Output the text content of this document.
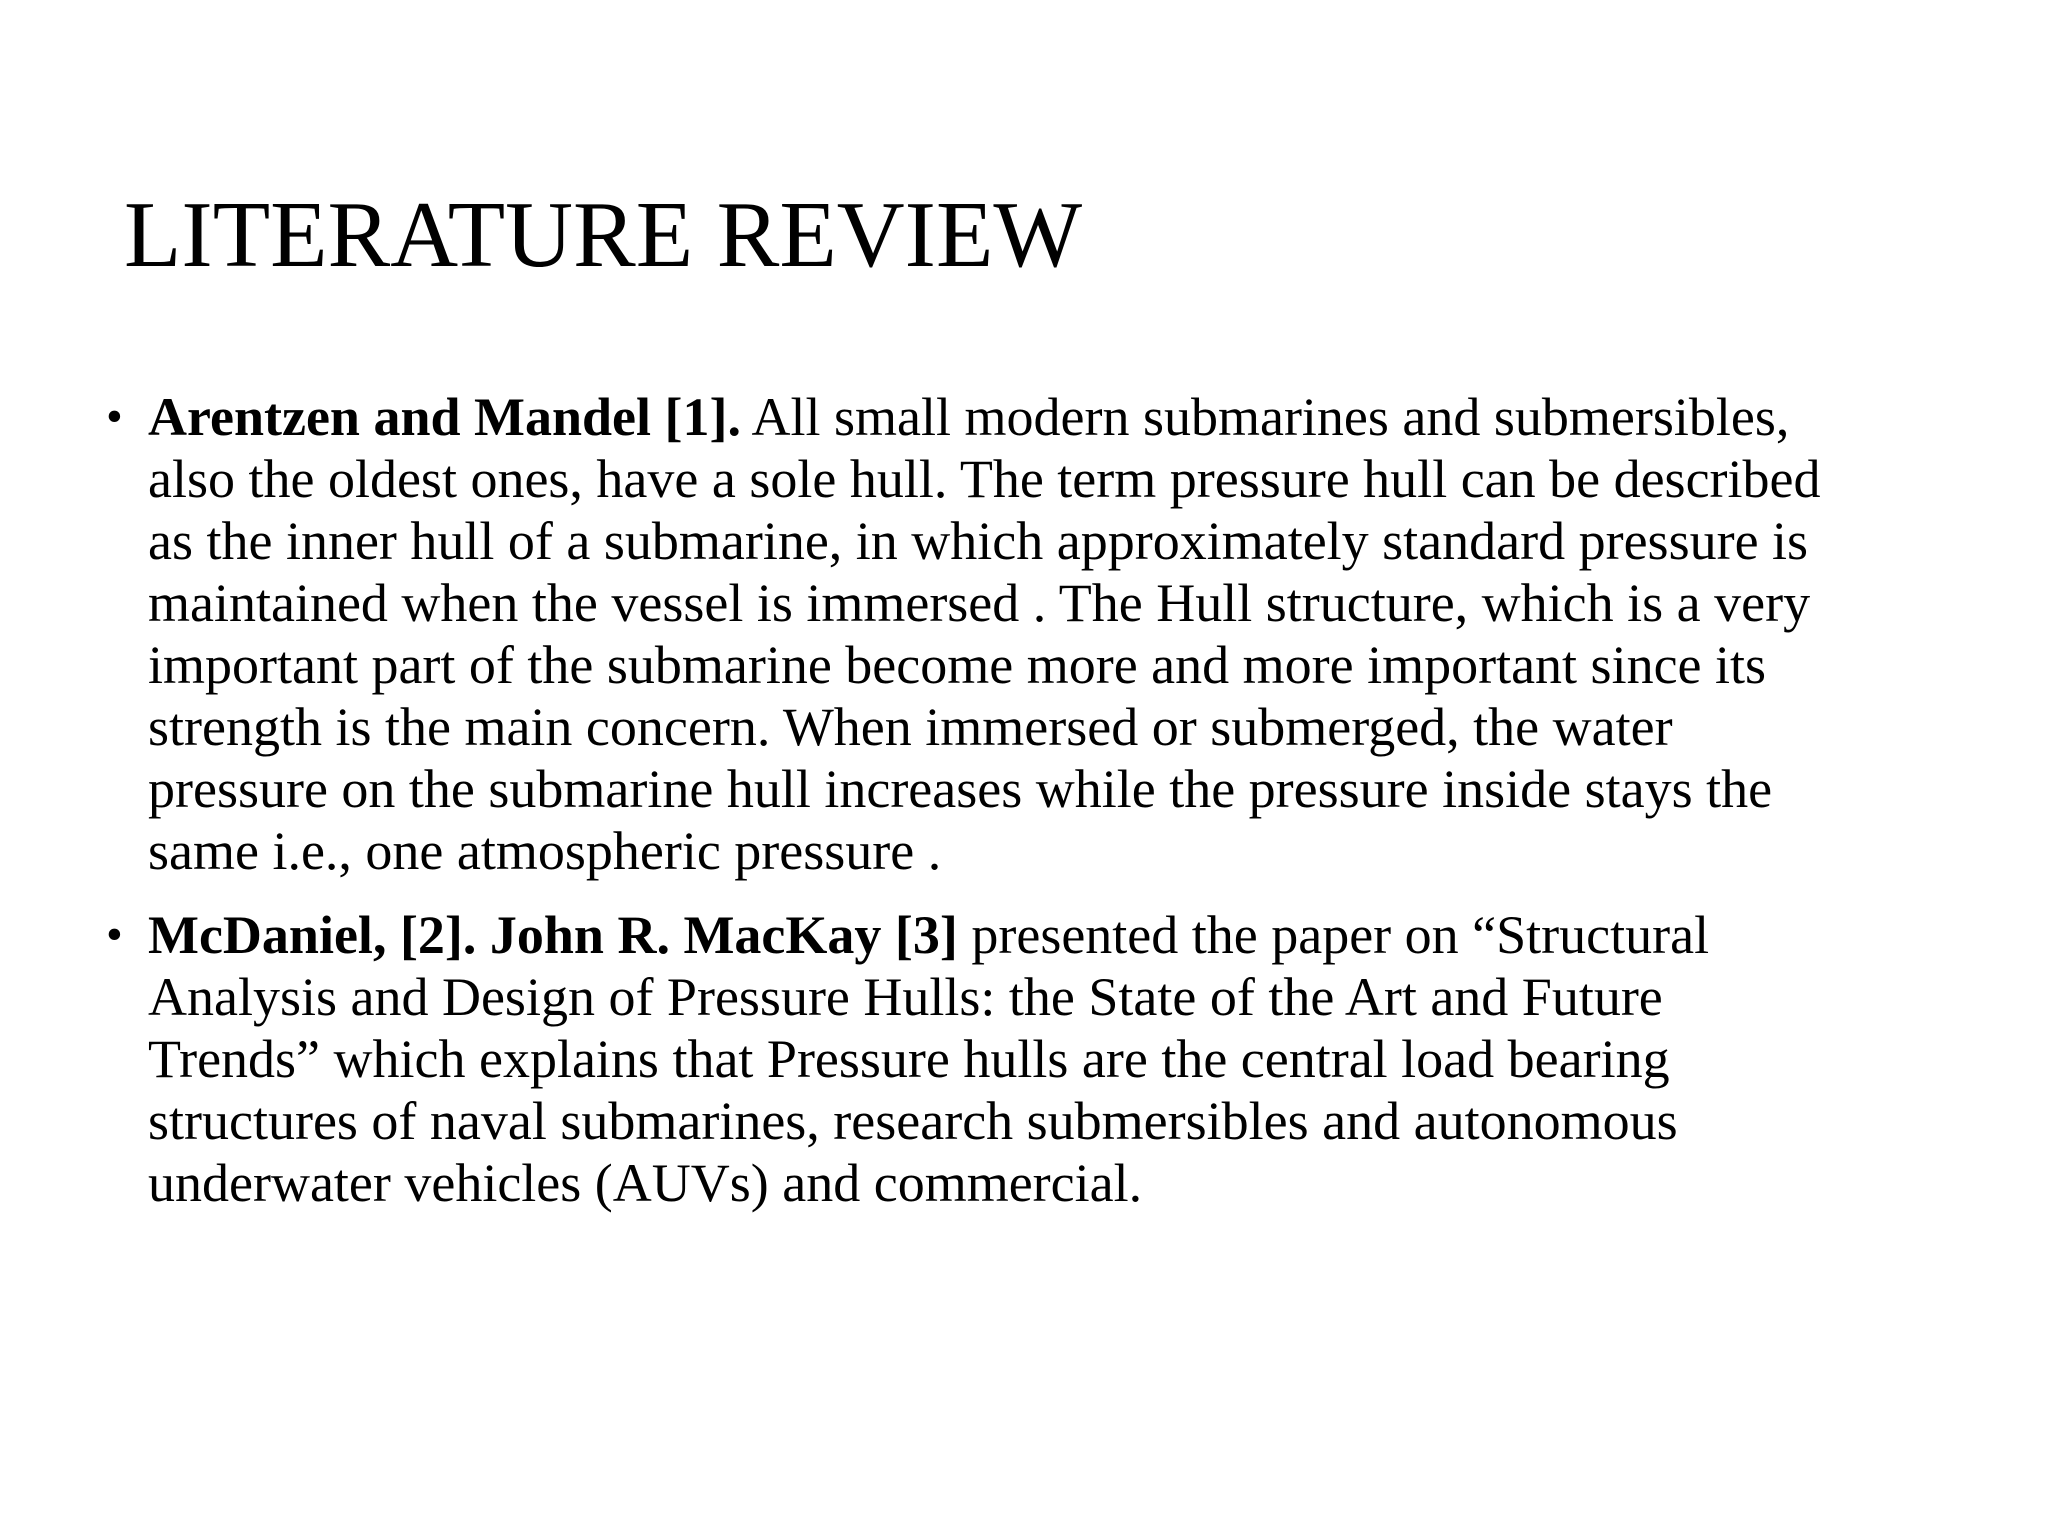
LITERATURE REVIEW
• Arentzen and Mandel [1]. All small modern submarines and submersibles,
also the oldest ones, have a sole hull. The term pressure hull can be described
as the inner hull of a submarine, in which approximately standard pressure is
maintained when the vessel is immersed . The Hull structure, which is a very
important part of the submarine become more and more important since its
strength is the main concern. When immersed or submerged, the water
pressure on the submarine hull increases while the pressure inside stays the
same i.e., one atmospheric pressure .
• McDaniel, [2]. John R. MacKay [3] presented the paper on “Structural
Analysis and Design of Pressure Hulls: the State of the Art and Future
Trends” which explains that Pressure hulls are the central load bearing
structures of naval submarines, research submersibles and autonomous
underwater vehicles (AUVs) and commercial.
